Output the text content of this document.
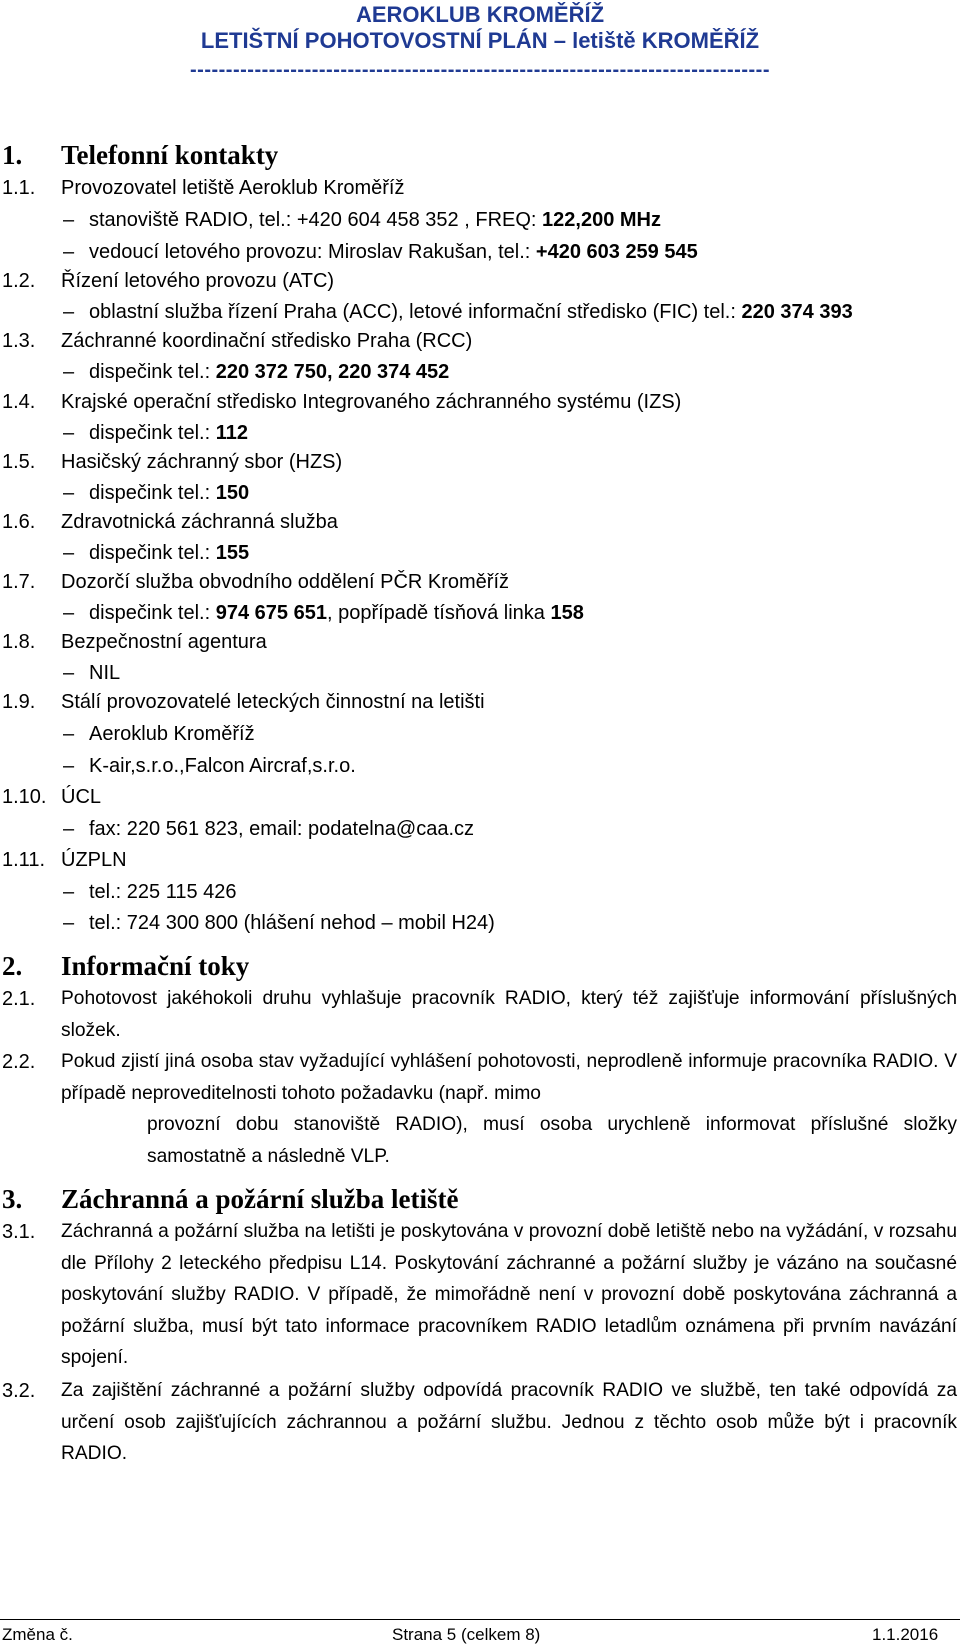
AEROKLUB KROMĚŘÍŽ
LETIŠTNÍ POHOTOVOSTNÍ PLÁN – letiště KROMĚŘÍŽ
---------------------------------------------------------------------------------
1. Telefonní kontakty
1.1. Provozovatel letiště Aeroklub Kroměříž
– stanoviště RADIO, tel.: +420 604 458 352 , FREQ: 122,200 MHz
– vedoucí letového provozu: Miroslav Rakušan, tel.: +420 603 259 545
1.2. Řízení letového provozu (ATC)
– oblastní služba řízení Praha (ACC), letové informační středisko (FIC) tel.: 220 374 393
1.3. Záchranné koordinační středisko Praha (RCC)
– dispečink tel.: 220 372 750, 220 374 452
1.4. Krajské operační středisko Integrovaného záchranného systému (IZS)
– dispečink tel.: 112
1.5. Hasičský záchranný sbor (HZS)
– dispečink tel.: 150
1.6. Zdravotnická záchranná služba
– dispečink tel.: 155
1.7. Dozorčí služba obvodního oddělení PČR Kroměříž
– dispečink tel.: 974 675 651, popřípadě tísňová linka 158
1.8. Bezpečnostní agentura
– NIL
1.9. Stálí provozovatelé leteckých činnostní na letišti
– Aeroklub Kroměříž
– K-air,s.r.o.,Falcon Aircraf,s.r.o.
1.10. ÚCL
– fax: 220 561 823, email: podatelna@caa.cz
1.11. ÚZPLN
– tel.: 225 115 426
– tel.: 724 300 800 (hlášení nehod – mobil H24)
2. Informační toky
2.1. Pohotovost jakéhokoli druhu vyhlašuje pracovník RADIO, který též zajišťuje informování příslušných složek.
2.2. Pokud zjistí jiná osoba stav vyžadující vyhlášení pohotovosti, neprodleně informuje pracovníka RADIO. V případě neproveditelnosti tohoto požadavku (např. mimo
provozní dobu stanoviště RADIO), musí osoba urychleně informovat příslušné složky samostatně a následně VLP.
3. Záchranná a požární služba letiště
3.1. Záchranná a požární služba na letišti je poskytována v provozní době letiště nebo na vyžádání, v rozsahu dle Přílohy 2 leteckého předpisu L14. Poskytování záchranné a požární služby je vázáno na současné poskytování služby RADIO. V případě, že mimořádně není v provozní době poskytována záchranná a požární služba, musí být tato informace pracovníkem RADIO letadlům oznámena při prvním navázání spojení.
3.2. Za zajištění záchranné a požární služby odpovídá pracovník RADIO ve službě, ten také odpovídá za určení osob zajišťujících záchrannou a požární službu. Jednou z těchto osob může být i pracovník RADIO.
Změna č.	Strana 5 (celkem 8)	1.1.2016
